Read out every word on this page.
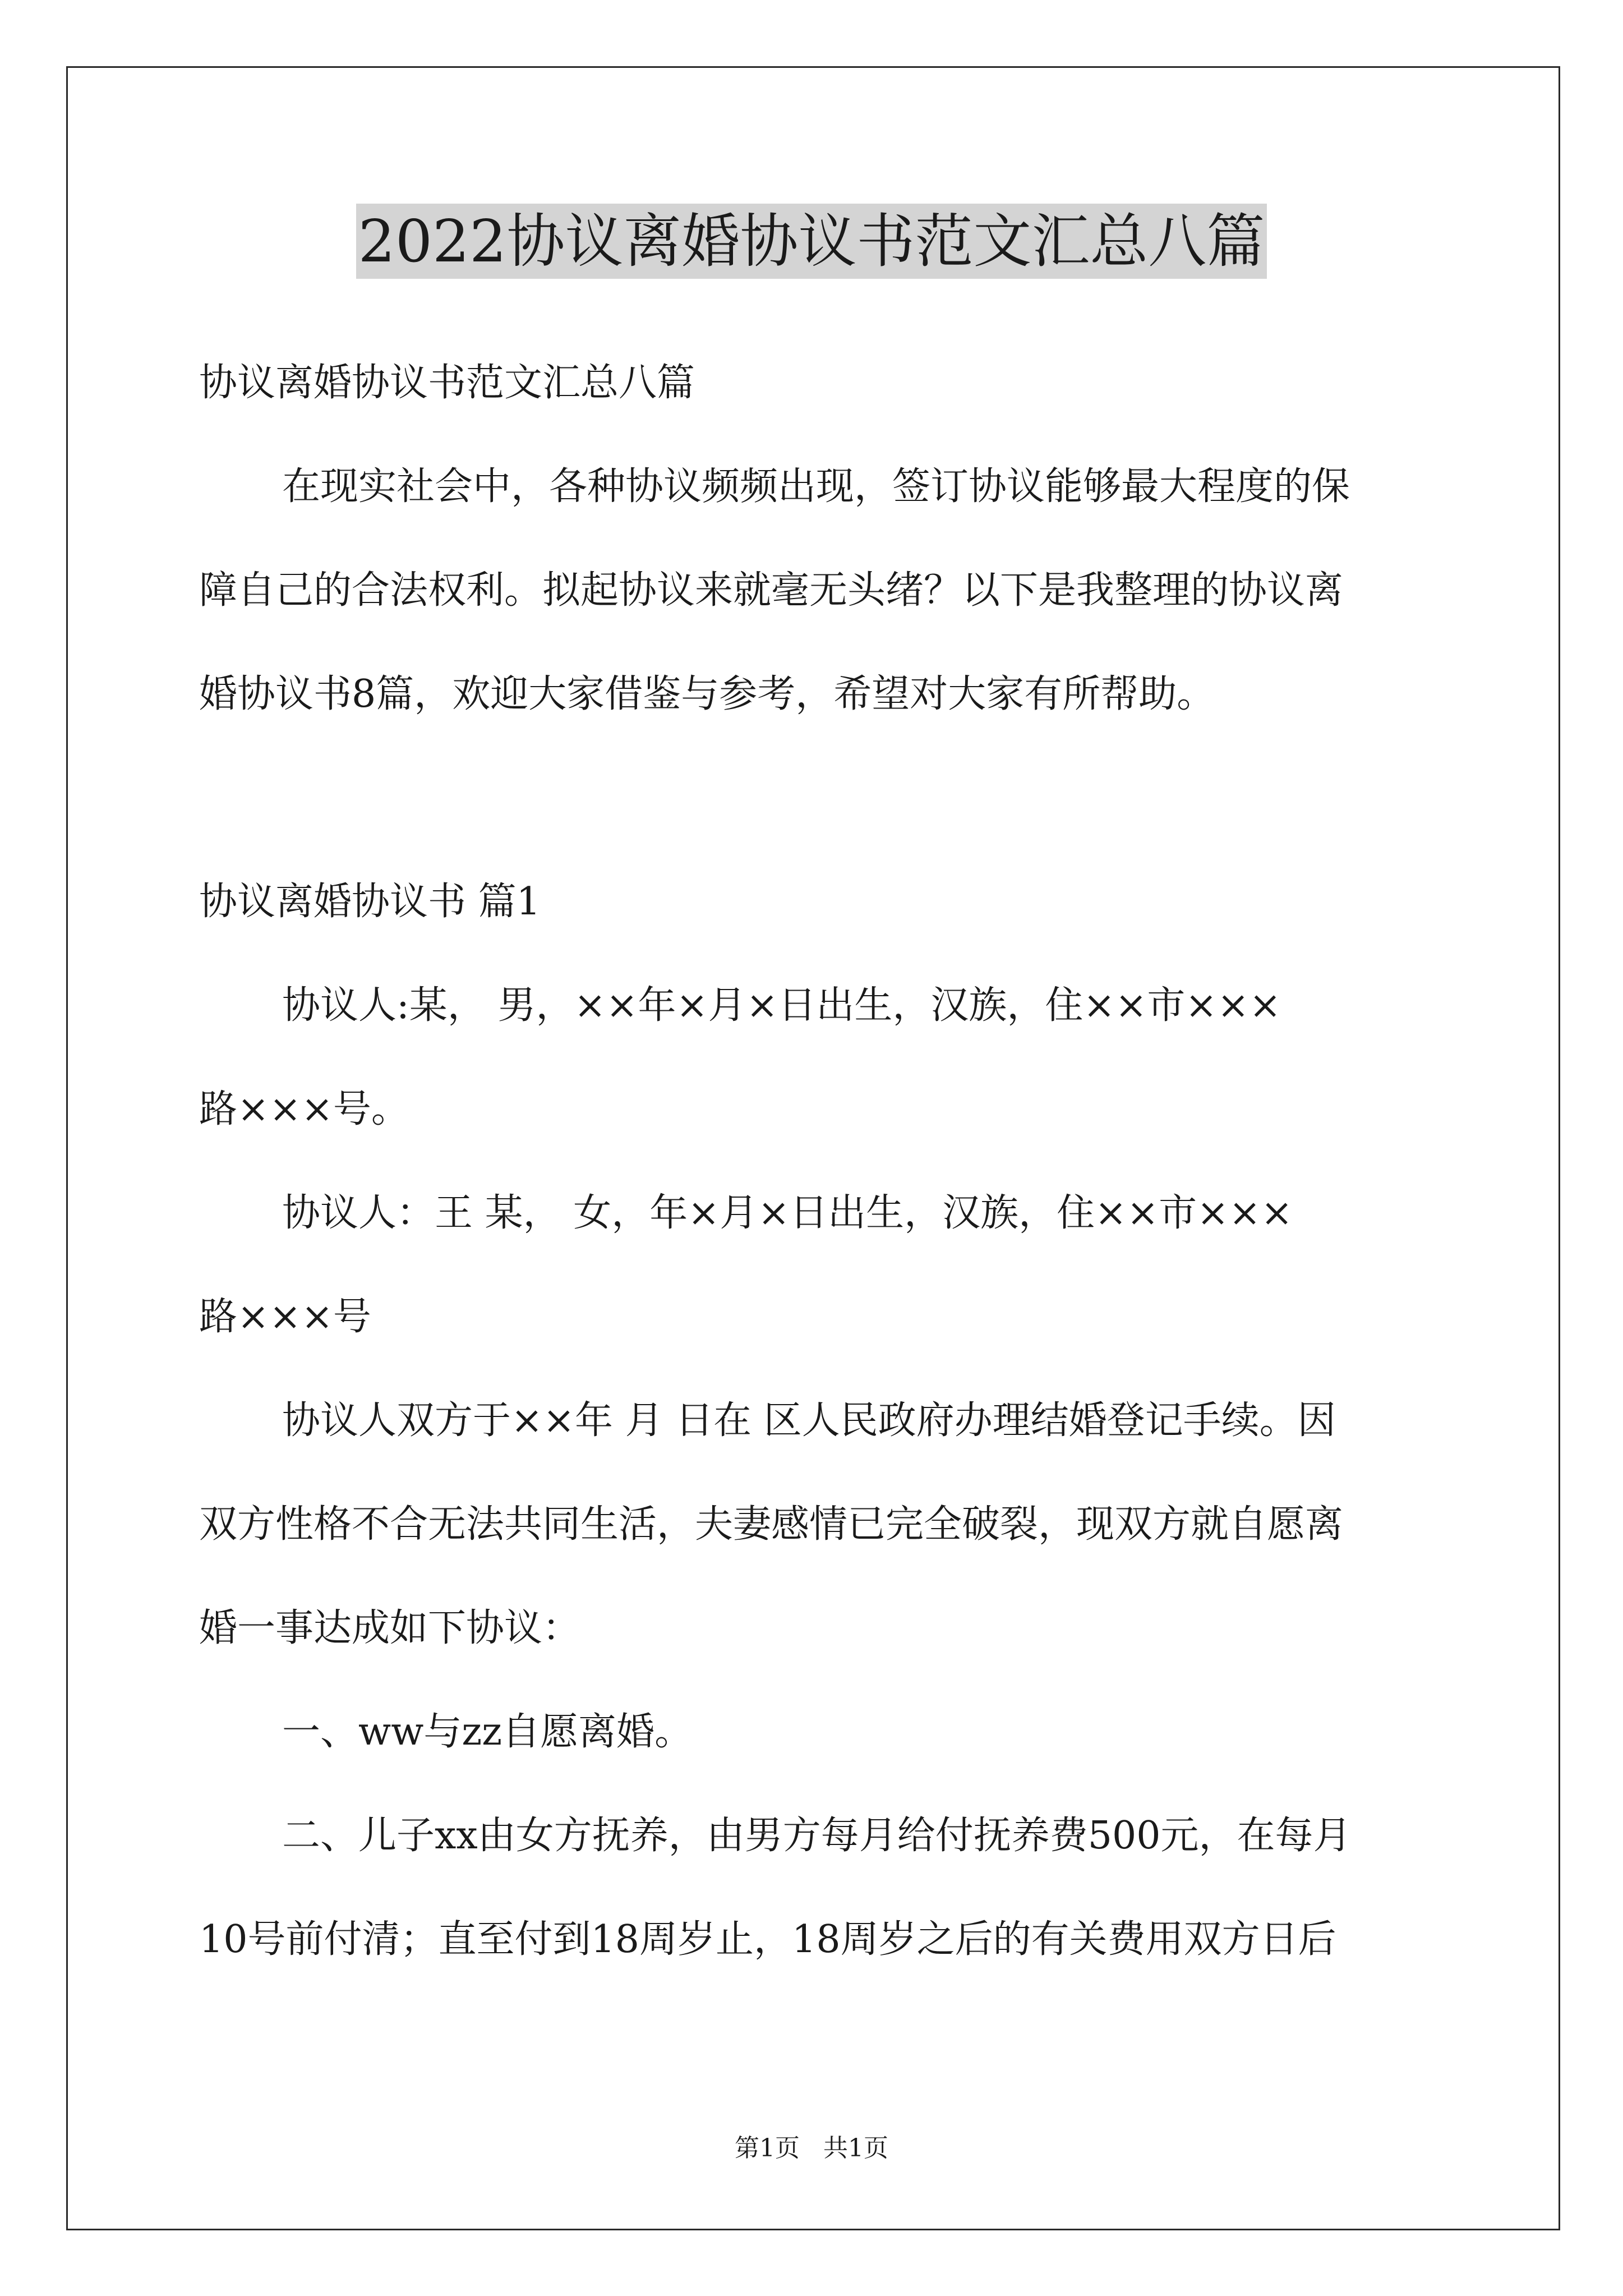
2022协议离婚协议书范文汇总八篇
协议离婚协议书范文汇总八篇
在现实社会中，各种协议频频出现，签订协议能够最大程度的保
障自己的合法权利。拟起协议来就毫无头绪？以下是我整理的协议离
婚协议书8篇，欢迎大家借鉴与参考，希望对大家有所帮助。
协议离婚协议书 篇1
协议人:某， 男，××年×月×日出生，汉族，住××市×××
路×××号。
协议人：王 某， 女，年×月×日出生，汉族，住××市×××
路×××号
协议人双方于××年 月 日在 区人民政府办理结婚登记手续。因
双方性格不合无法共同生活，夫妻感情已完全破裂，现双方就自愿离
婚一事达成如下协议：
一、ww与zz自愿离婚。
二、儿子xx由女方抚养，由男方每月给付抚养费500元，在每月
10号前付清；直至付到18周岁止，18周岁之后的有关费用双方日后
第1页   共1页
